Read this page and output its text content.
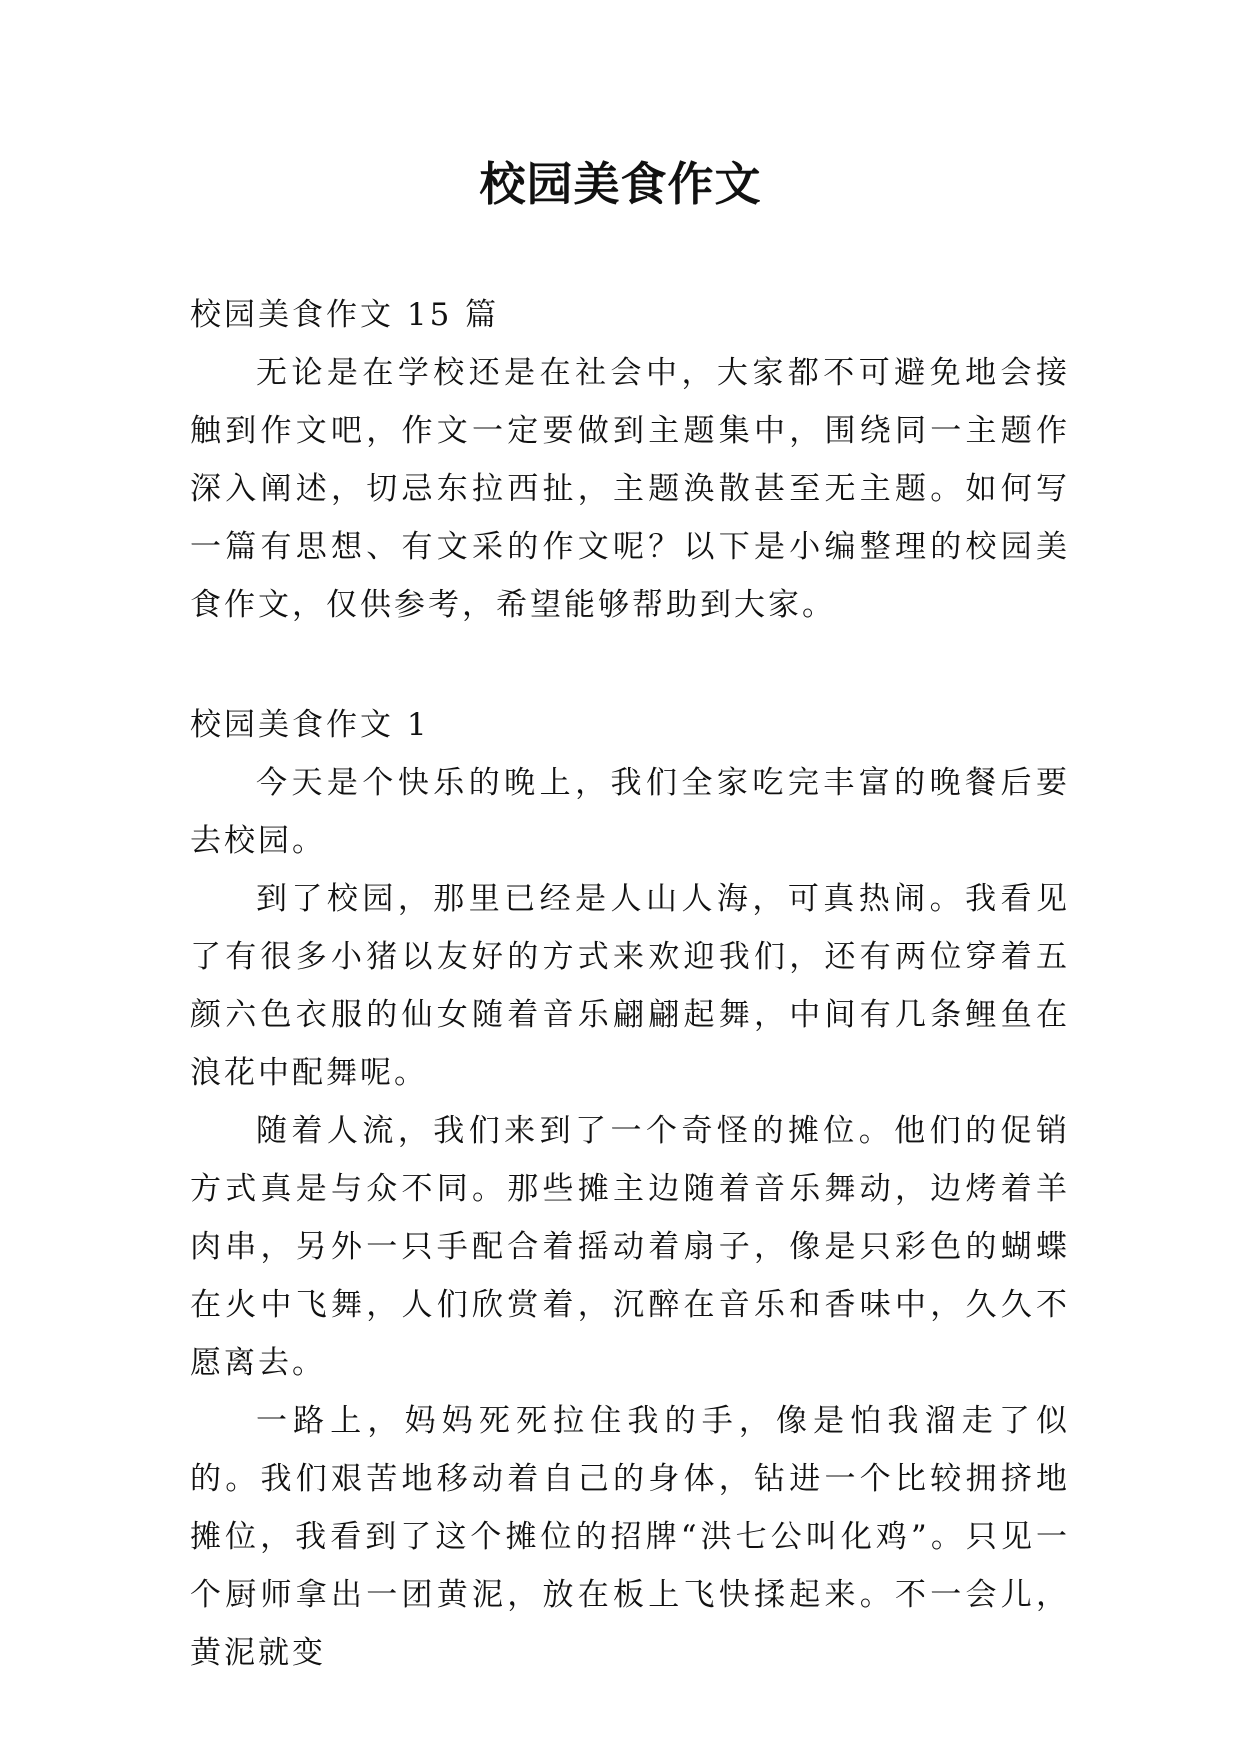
校园美食作文
校园美食作文 15 篇

无论是在学校还是在社会中，大家都不可避免地会接触到作文吧，作文一定要做到主题集中，围绕同一主题作深入阐述，切忌东拉西扯，主题涣散甚至无主题。如何写一篇有思想、有文采的作文呢？以下是小编整理的校园美食作文，仅供参考，希望能够帮助到大家。

校园美食作文 1

今天是个快乐的晚上，我们全家吃完丰富的晚餐后要去校园。

到了校园，那里已经是人山人海，可真热闹。我看见了有很多小猪以友好的方式来欢迎我们，还有两位穿着五颜六色衣服的仙女随着音乐翩翩起舞，中间有几条鲤鱼在浪花中配舞呢。

随着人流，我们来到了一个奇怪的摊位。他们的促销方式真是与众不同。那些摊主边随着音乐舞动，边烤着羊肉串，另外一只手配合着摇动着扇子，像是只彩色的蝴蝶在火中飞舞，人们欣赏着，沉醉在音乐和香味中，久久不愿离去。

一路上，妈妈死死拉住我的手，像是怕我溜走了似的。我们艰苦地移动着自己的身体，钻进一个比较拥挤地摊位，我看到了这个摊位的招牌“洪七公叫化鸡”。只见一个厨师拿出一团黄泥，放在板上飞快揉起来。不一会儿，黄泥就变
